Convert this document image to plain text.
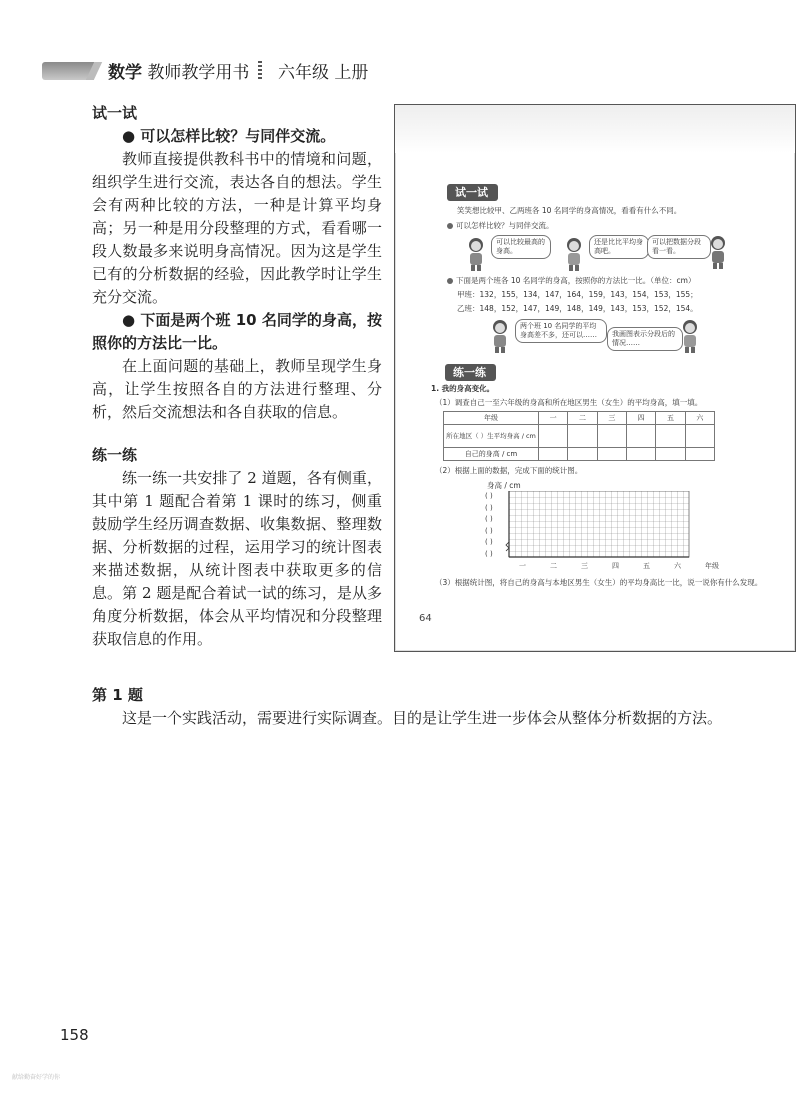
数学 教师教学用书 六年级 上册
试一试

● 可以怎样比较？与同伴交流。

教师直接提供教科书中的情境和问题，组织学生进行交流，表达各自的想法。学生会有两种比较的方法，一种是计算平均身高；另一种是用分段整理的方式，看看哪一段人数最多来说明身高情况。因为这是学生已有的分析数据的经验，因此教学时让学生充分交流。

● 下面是两个班 10 名同学的身高，按照你的方法比一比。

在上面问题的基础上，教师呈现学生身高，让学生按照各自的方法进行整理、分析，然后交流想法和各自获取的信息。

练一练

练一练一共安排了 2 道题，各有侧重，其中第 1 题配合着第 1 课时的练习，侧重鼓励学生经历调查数据、收集数据、整理数据、分析数据的过程，运用学习的统计图表来描述数据，从统计图表中获取更多的信息。第 2 题是配合着试一试的练习，是从多角度分析数据，体会从平均情况和分段整理获取信息的作用。

第 1 题
这是一个实践活动，需要进行实际调查。目的是让学生进一步体会从整体分析数据的方法。
试一试
笑笑想比较甲、乙两班各 10 名同学的身高情况，看看有什么不同。
可以怎样比较？与同伴交流。
可以比较最高的身高。
还是比比平均身高吧。
可以把数据分段看一看。
下面是两个班各 10 名同学的身高，按照你的方法比一比。（单位：cm）
甲班：132，155，134，147，164，159，143，154，153，155；
乙班：148，152，147，149，148，149，143，153，152，154。
两个班 10 名同学的平均身高差不多，还可以……	我画图表示分段后的情况……
练一练
1. 我的身高变化。
（1）调查自己一至六年级的身高和所在地区男生（女生）的平均身高，填一填。
年级	一	二	三	四	五	六
所在地区（ ）生平均身高 / cm						
自己的身高 / cm						
（2）根据上面的数据，完成下面的统计图。
身高 / cm
( )
( )
( )
( )
( )
( )
一	二	三	四	五	六	年级
（3）根据统计图，将自己的身高与本地区男生（女生）的平均身高比一比，说一说你有什么发现。
64
158
献给勤奋好学的你
